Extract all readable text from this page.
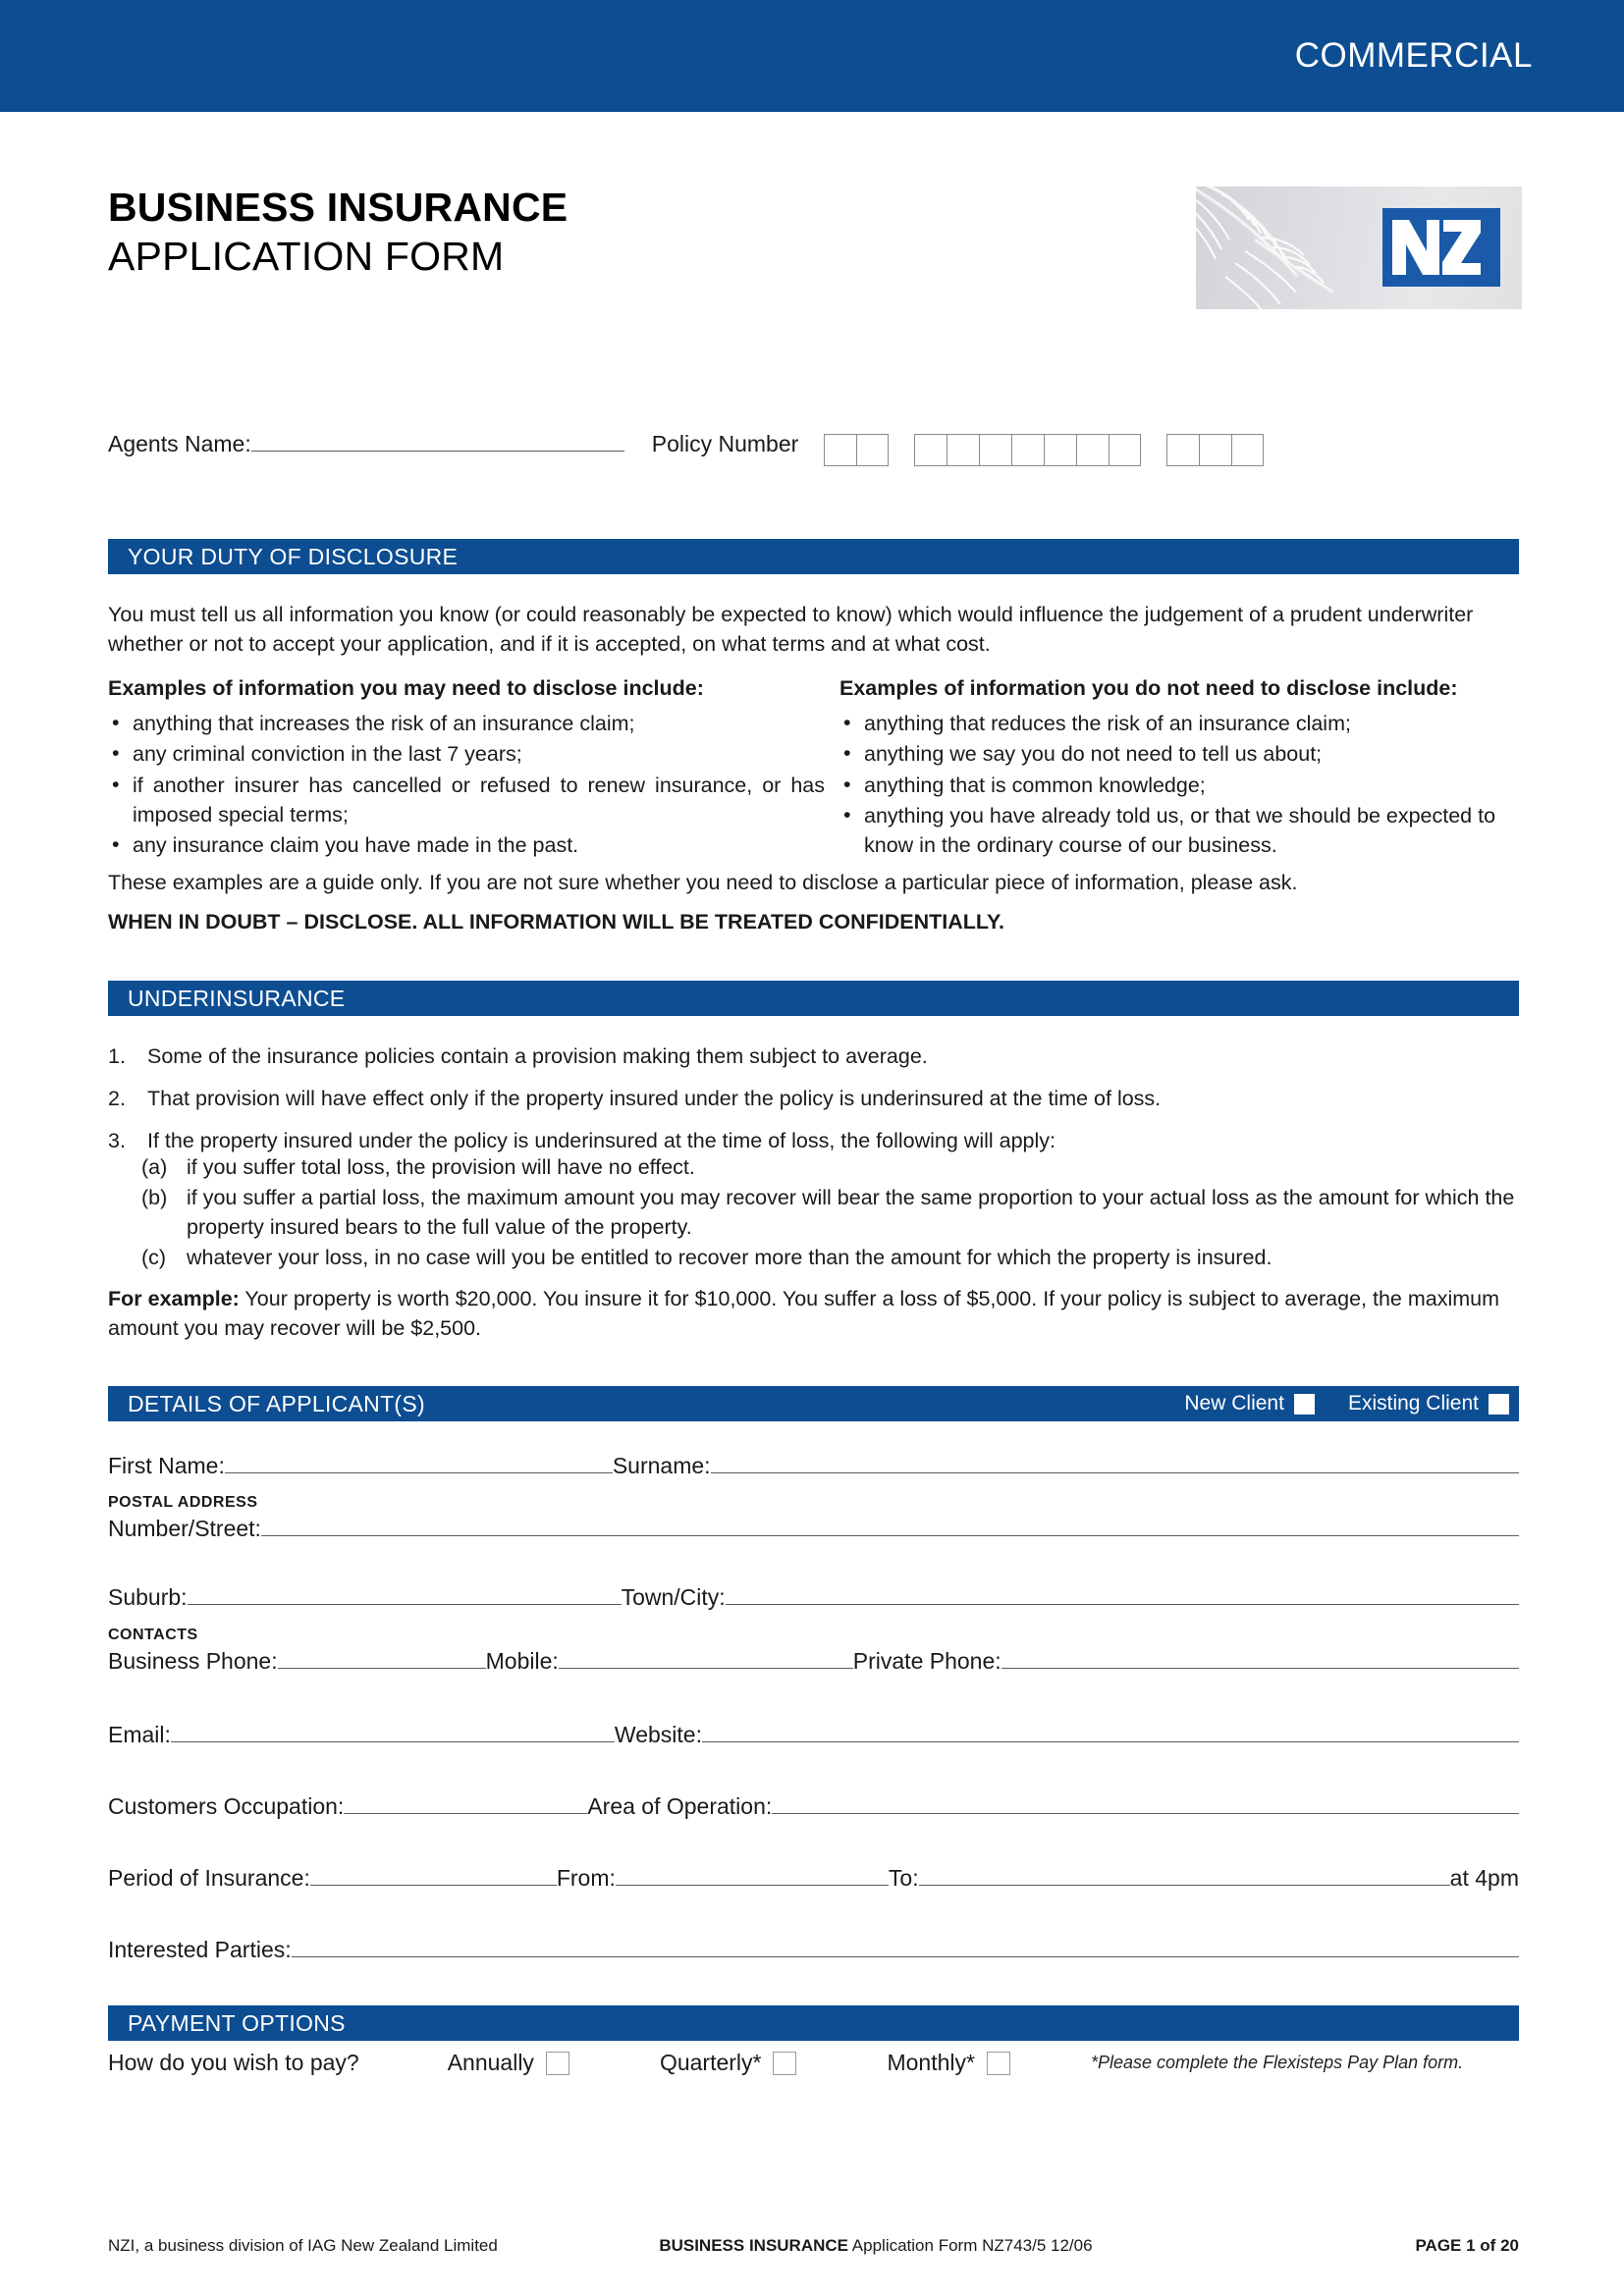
COMMERCIAL
BUSINESS INSURANCE
APPLICATION FORM
Agents Name:	Policy Number
YOUR DUTY OF DISCLOSURE
You must tell us all information you know (or could reasonably be expected to know) which would influence the judgement of a prudent underwriter whether or not to accept your application, and if it is accepted, on what terms and at what cost.
Examples of information you may need to disclose include:
• anything that increases the risk of an insurance claim;
• any criminal conviction in the last 7 years;
• if another insurer has cancelled or refused to renew insurance, or has imposed special terms;
• any insurance claim you have made in the past.
Examples of information you do not need to disclose include:
• anything that reduces the risk of an insurance claim;
• anything we say you do not need to tell us about;
• anything that is common knowledge;
• anything you have already told us, or that we should be expected to know in the ordinary course of our business.
These examples are a guide only. If you are not sure whether you need to disclose a particular piece of information, please ask.
WHEN IN DOUBT – DISCLOSE. ALL INFORMATION WILL BE TREATED CONFIDENTIALLY.
UNDERINSURANCE
1. Some of the insurance policies contain a provision making them subject to average.
2. That provision will have effect only if the property insured under the policy is underinsured at the time of loss.
3. If the property insured under the policy is underinsured at the time of loss, the following will apply:
(a) if you suffer total loss, the provision will have no effect.
(b) if you suffer a partial loss, the maximum amount you may recover will bear the same proportion to your actual loss as the amount for which the property insured bears to the full value of the property.
(c) whatever your loss, in no case will you be entitled to recover more than the amount for which the property is insured.
For example: Your property is worth $20,000. You insure it for $10,000. You suffer a loss of $5,000. If your policy is subject to average, the maximum amount you may recover will be $2,500.
DETAILS OF APPLICANT(S)	New Client	Existing Client
First Name:	Surname:
POSTAL ADDRESS
Number/Street:
Suburb:	Town/City:
CONTACTS
Business Phone:	Mobile:	Private Phone:
Email:	Website:
Customers Occupation:	Area of Operation:
Period of Insurance:	From:	To:	at 4pm
Interested Parties:
PAYMENT OPTIONS
How do you wish to pay?	Annually	Quarterly*	Monthly*	*Please complete the Flexisteps Pay Plan form.
NZI, a business division of IAG New Zealand Limited	BUSINESS INSURANCE Application Form NZ743/5 12/06	PAGE 1 of 20
